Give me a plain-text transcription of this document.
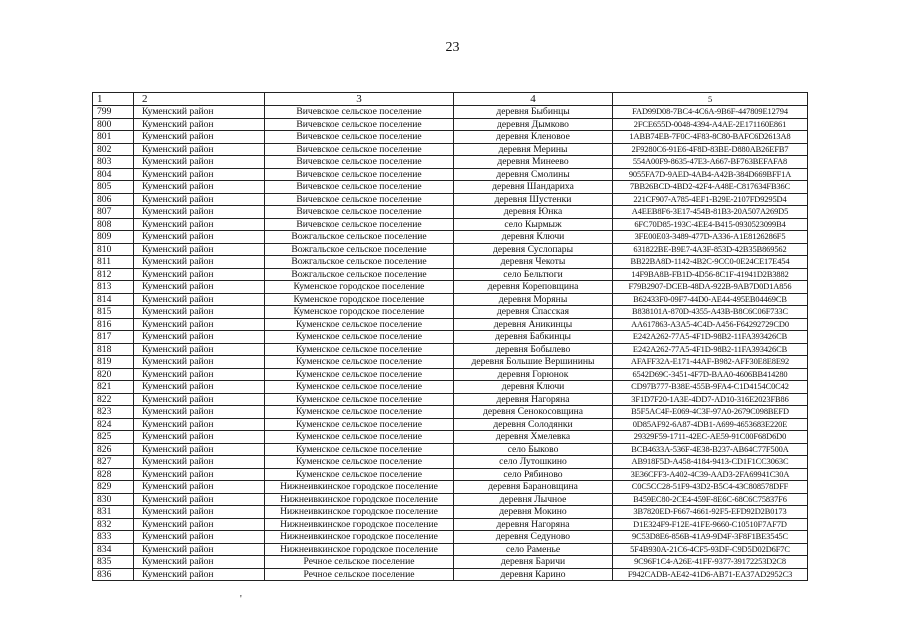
23
1	2	3	4	5
799	Куменский район	Вичевское сельское поселение	деревня Быбинцы	FAD99D08-7BC4-4C6A-9B6F-447809E12794
800	Куменский район	Вичевское сельское поселение	деревня Дымково	2FCE655D-0048-4394-A4AE-2E171160E861
801	Куменский район	Вичевское сельское поселение	деревня Кленовое	1ABB74EB-7F0C-4F83-8C80-BAFC6D2613A8
802	Куменский район	Вичевское сельское поселение	деревня Мерины	2F9280C6-91E6-4F8D-83BE-D880AB26EFB7
803	Куменский район	Вичевское сельское поселение	деревня Минеево	554A00F9-8635-47E3-A667-BF763BEFAFA8
804	Куменский район	Вичевское сельское поселение	деревня Смолины	9055FA7D-9AED-4AB4-A42B-384D669BFF1A
805	Куменский район	Вичевское сельское поселение	деревня Шандариха	7BB26BCD-4BD2-42F4-A48E-C817634FB36C
806	Куменский район	Вичевское сельское поселение	деревня Шустенки	221CF907-A785-4EF1-B29E-2107FD9295D4
807	Куменский район	Вичевское сельское поселение	деревня Юнка	A4EEB8F6-3E17-454B-81B3-20A507A269D5
808	Куменский район	Вичевское сельское поселение	село Кырмыж	6FC70D85-193C-4EE4-B415-0930523099B4
809	Куменский район	Вожгальское сельское поселение	деревня Ключи	3FE00E03-3489-477D-A336-A1E8126286F5
810	Куменский район	Вожгальское сельское поселение	деревня Суслопары	631822BE-B9E7-4A3F-853D-42B35B869562
811	Куменский район	Вожгальское сельское поселение	деревня Чекоты	BB22BA8D-1142-4B2C-9CC0-0E24CE17E454
812	Куменский район	Вожгальское сельское поселение	село Бельтюги	14F9BA8B-FB1D-4D56-8C1F-41941D2B3882
813	Куменский район	Куменское городское поселение	деревня Кореповщина	F79B2907-DCEB-48DA-922B-9AB7D0D1A856
814	Куменский район	Куменское городское поселение	деревня Моряны	B62433F0-09F7-44D0-AE44-495EB04469CB
815	Куменский район	Куменское городское поселение	деревня Спасская	B838101A-870D-4355-A43B-B8C6C06F733C
816	Куменский район	Куменское сельское поселение	деревня Аникинцы	AA617863-A3A5-4C4D-A456-F64292729CD0
817	Куменский район	Куменское сельское поселение	деревня Бабкинцы	E242A262-77A5-4F1D-98B2-11FA393426CB
818	Куменский район	Куменское сельское поселение	деревня Бобылево	E242A262-77A5-4F1D-98B2-11FA393426CB
819	Куменский район	Куменское сельское поселение	деревня Большие Вершинины	AFAFF32A-E171-44AF-B982-AFF30E8E8E92
820	Куменский район	Куменское сельское поселение	деревня Горюнок	6542D69C-3451-4F7D-BAA0-4606BB414280
821	Куменский район	Куменское сельское поселение	деревня Ключи	CD97B777-B38E-455B-9FA4-C1D4154C0C42
822	Куменский район	Куменское сельское поселение	деревня Нагоряна	3F1D7F20-1A3E-4DD7-AD10-316E2023FB86
823	Куменский район	Куменское сельское поселение	деревня Сенокосовщина	B5F5AC4F-E069-4C3F-97A0-2679C098BEFD
824	Куменский район	Куменское сельское поселение	деревня Солодянки	0D85AF92-6A87-4DB1-A699-4653683E220E
825	Куменский район	Куменское сельское поселение	деревня Хмелевка	29329F59-1711-42EC-AE59-91C00F68D6D0
826	Куменский район	Куменское сельское поселение	село Быково	BCB4633A-536F-4E38-B237-AB64C77F500A
827	Куменский район	Куменское сельское поселение	село Лутошкино	AB918F5D-A458-4184-9413-CD1F1CC3063C
828	Куменский район	Куменское сельское поселение	село Рябиново	3E36CFF3-A402-4C39-AAD3-2FA69941C30A
829	Куменский район	Нижнеивкинское городское поселение	деревня Барановщина	C0C5CC28-51F9-43D2-B5C4-43C808578DFF
830	Куменский район	Нижнеивкинское городское поселение	деревня Лычное	B459EC80-2CE4-459F-8E6C-68C6C75837F6
831	Куменский район	Нижнеивкинское городское поселение	деревня Мокино	3B7820ED-F667-4661-92F5-EFD92D2B0173
832	Куменский район	Нижнеивкинское городское поселение	деревня Нагоряна	D1E324F9-F12E-41FE-9660-C10510F7AF7D
833	Куменский район	Нижнеивкинское городское поселение	деревня Седуново	9C53D8E6-856B-41A9-9D4F-3F8F1BE3545C
834	Куменский район	Нижнеивкинское городское поселение	село Раменье	5F4B930A-21C6-4CF5-93DF-C9D5D02D6F7C
835	Куменский район	Речное сельское поселение	деревня Баричи	9C96F1C4-A26E-41FF-9377-39172253D2C8
836	Куменский район	Речное сельское поселение	деревня Карино	F942CADB-AE42-41D6-AB71-EA37AD2952C3
'
